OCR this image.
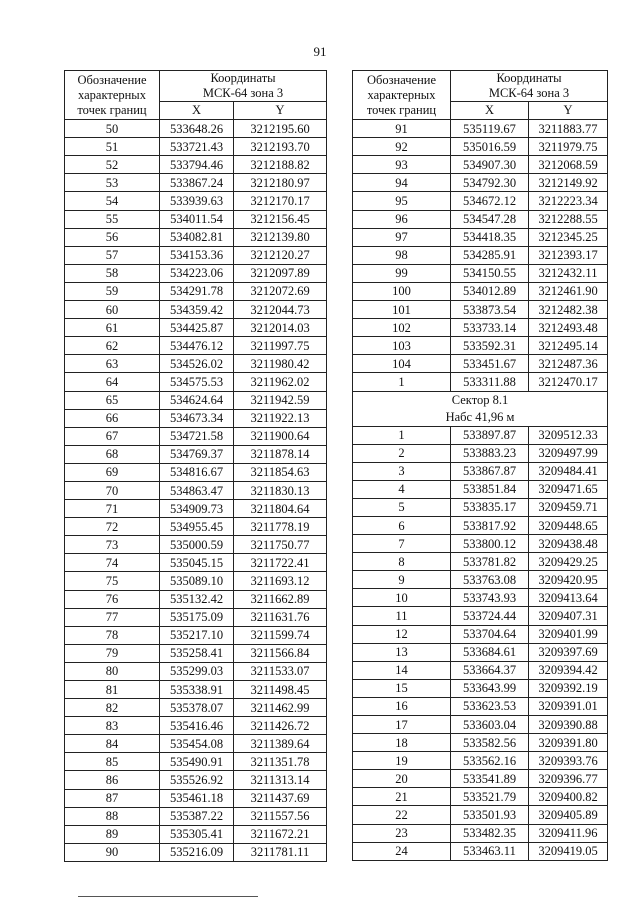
91
Обозначение
характерных
точек границ	Координаты
МСК-64 зона 3	
	X	Y
50	533648.26	3212195.60
51	533721.43	3212193.70
52	533794.46	3212188.82
53	533867.24	3212180.97
54	533939.63	3212170.17
55	534011.54	3212156.45
56	534082.81	3212139.80
57	534153.36	3212120.27
58	534223.06	3212097.89
59	534291.78	3212072.69
60	534359.42	3212044.73
61	534425.87	3212014.03
62	534476.12	3211997.75
63	534526.02	3211980.42
64	534575.53	3211962.02
65	534624.64	3211942.59
66	534673.34	3211922.13
67	534721.58	3211900.64
68	534769.37	3211878.14
69	534816.67	3211854.63
70	534863.47	3211830.13
71	534909.73	3211804.64
72	534955.45	3211778.19
73	535000.59	3211750.77
74	535045.15	3211722.41
75	535089.10	3211693.12
76	535132.42	3211662.89
77	535175.09	3211631.76
78	535217.10	3211599.74
79	535258.41	3211566.84
80	535299.03	3211533.07
81	535338.91	3211498.45
82	535378.07	3211462.99
83	535416.46	3211426.72
84	535454.08	3211389.64
85	535490.91	3211351.78
86	535526.92	3211313.14
87	535461.18	3211437.69
88	535387.22	3211557.56
89	535305.41	3211672.21
90	535216.09	3211781.11
Обозначение
характерных
точек границ	Координаты
МСК-64 зона 3	
	X	Y
91	535119.67	3211883.77
92	535016.59	3211979.75
93	534907.30	3212068.59
94	534792.30	3212149.92
95	534672.12	3212223.34
96	534547.28	3212288.55
97	534418.35	3212345.25
98	534285.91	3212393.17
99	534150.55	3212432.11
100	534012.89	3212461.90
101	533873.54	3212482.38
102	533733.14	3212493.48
103	533592.31	3212495.14
104	533451.67	3212487.36
1	533311.88	3212470.17
Сектор 8.1
Набс 41,96 м		
1	533897.87	3209512.33
2	533883.23	3209497.99
3	533867.87	3209484.41
4	533851.84	3209471.65
5	533835.17	3209459.71
6	533817.92	3209448.65
7	533800.12	3209438.48
8	533781.82	3209429.25
9	533763.08	3209420.95
10	533743.93	3209413.64
11	533724.44	3209407.31
12	533704.64	3209401.99
13	533684.61	3209397.69
14	533664.37	3209394.42
15	533643.99	3209392.19
16	533623.53	3209391.01
17	533603.04	3209390.88
18	533582.56	3209391.80
19	533562.16	3209393.76
20	533541.89	3209396.77
21	533521.79	3209400.82
22	533501.93	3209405.89
23	533482.35	3209411.96
24	533463.11	3209419.05
